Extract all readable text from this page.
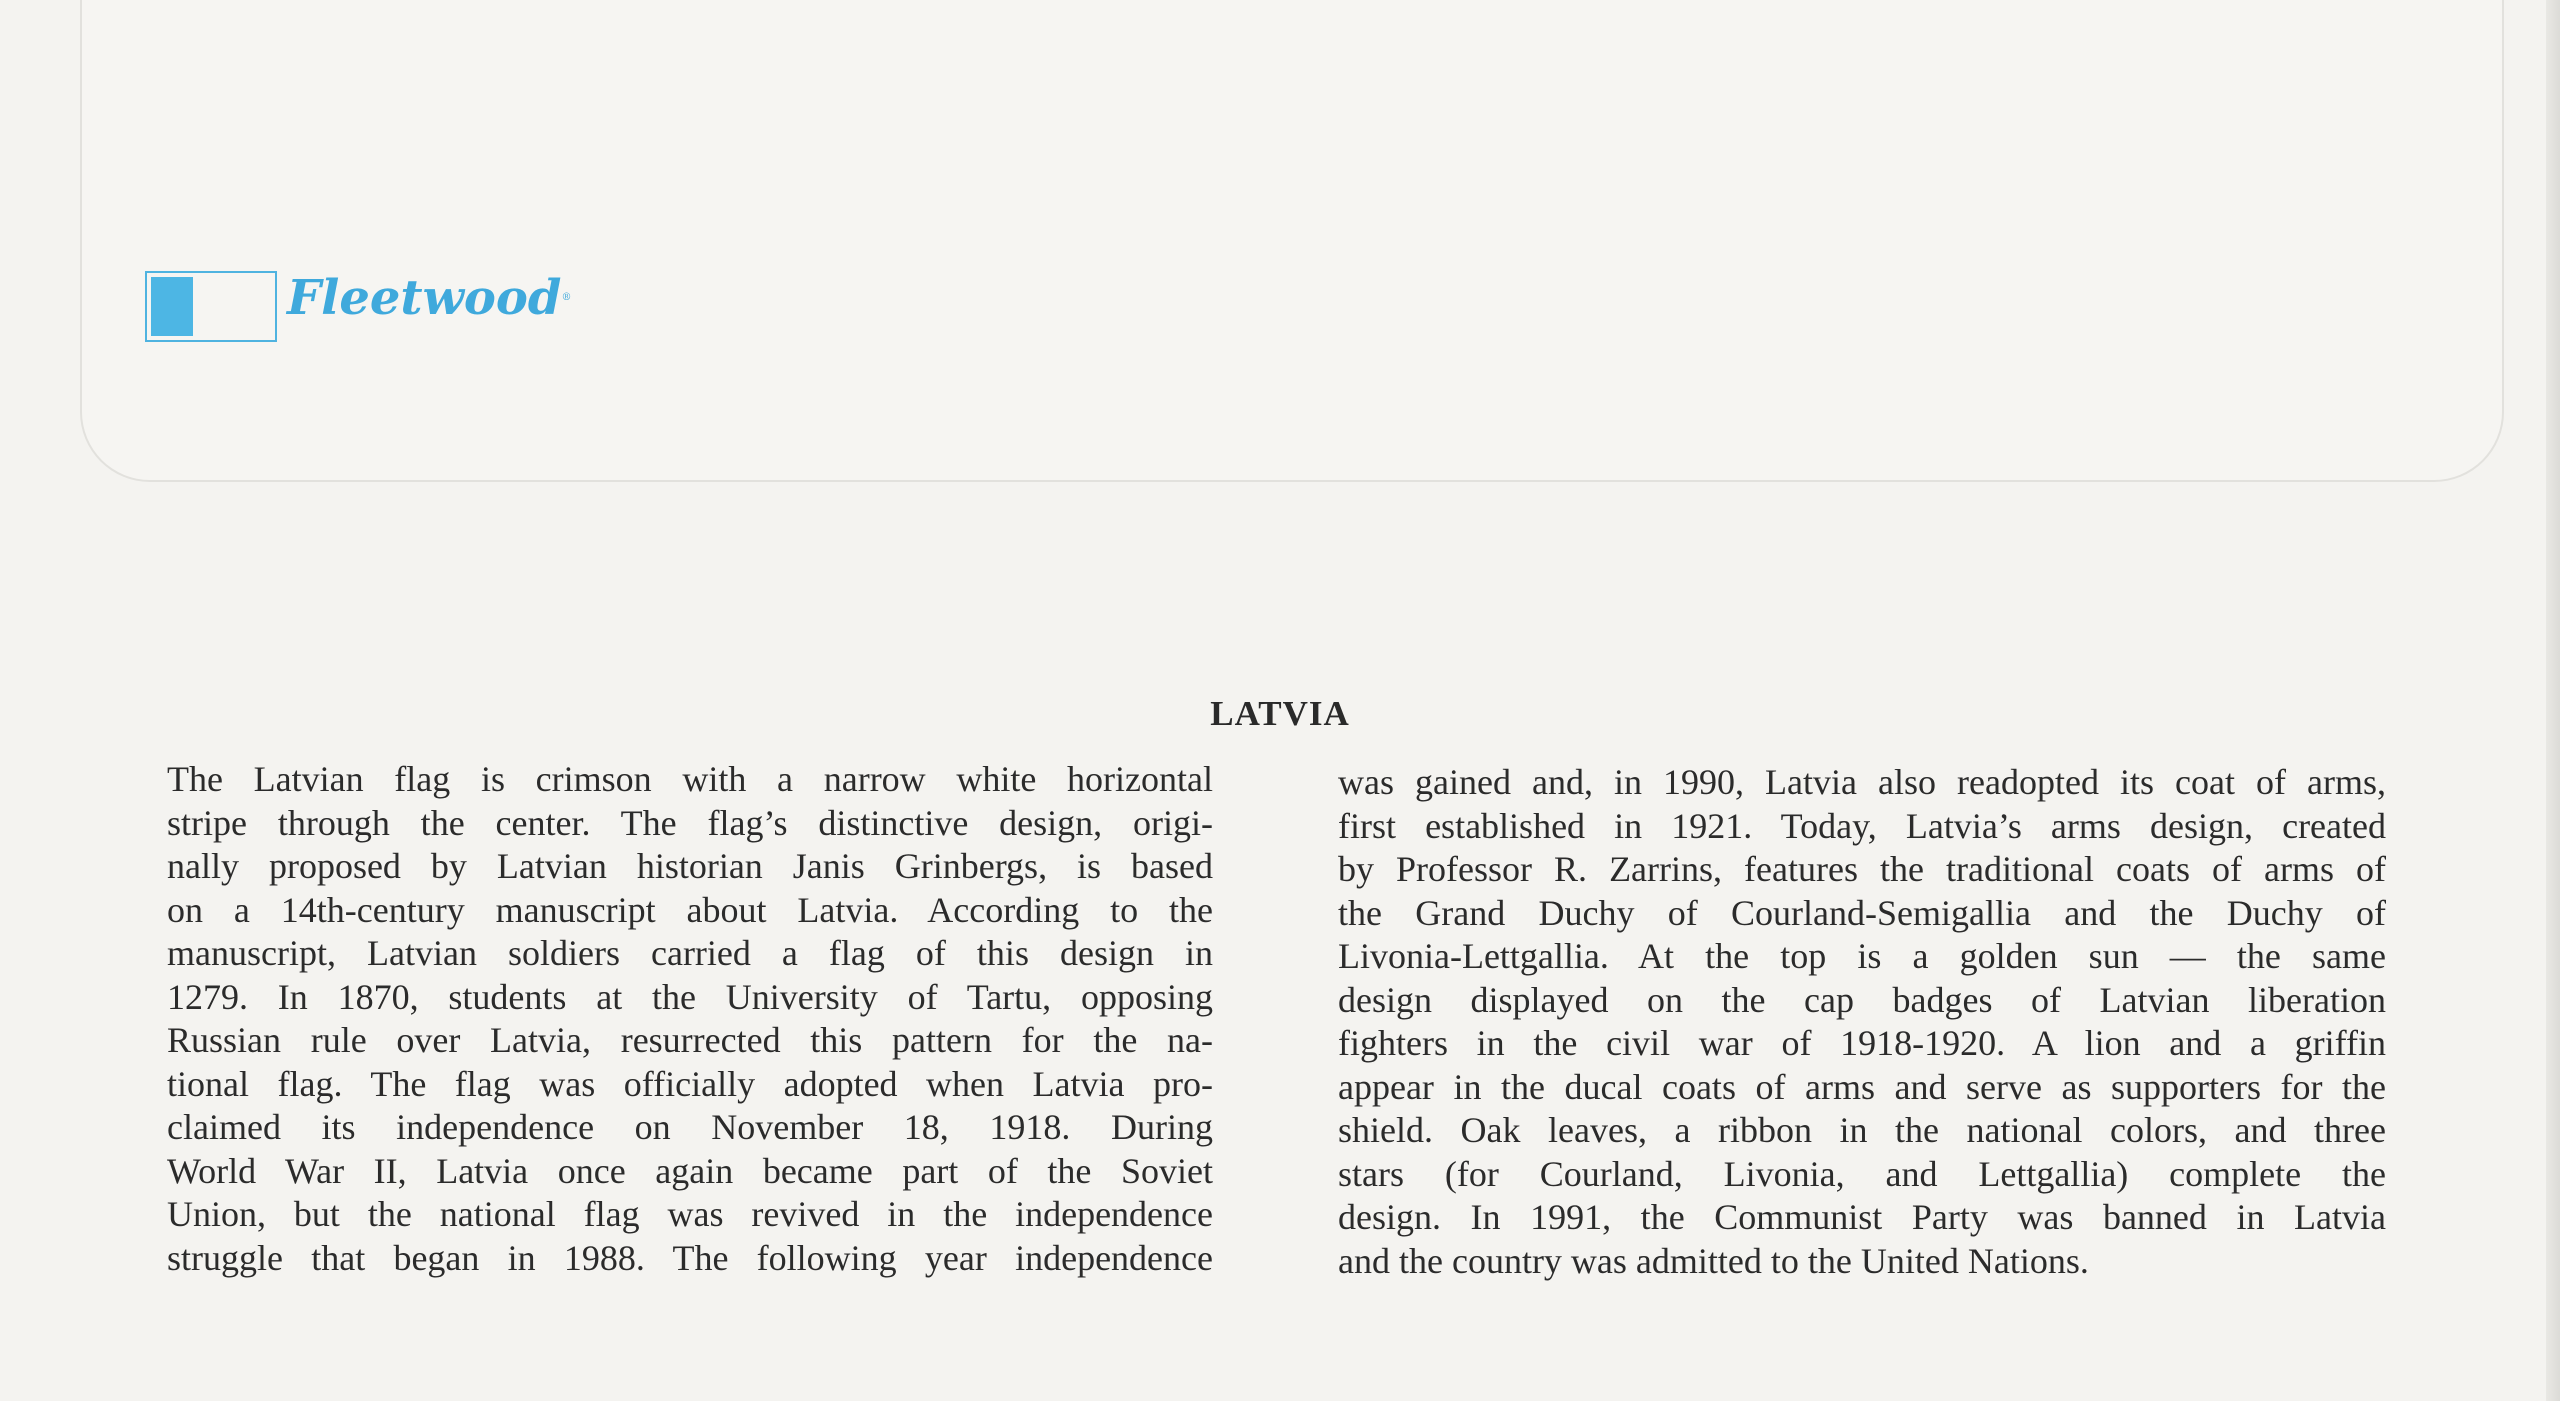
Fleetwood®
LATVIA
The Latvian flag is crimson with a narrow white horizontal
stripe through the center. The flag’s distinctive design, origi-
nally proposed by Latvian historian Janis Grinbergs, is based
on a 14th-century manuscript about Latvia. According to the
manuscript, Latvian soldiers carried a flag of this design in
1279. In 1870, students at the University of Tartu, opposing
Russian rule over Latvia, resurrected this pattern for the na-
tional flag. The flag was officially adopted when Latvia pro-
claimed its independence on November 18, 1918. During
World War II, Latvia once again became part of the Soviet
Union, but the national flag was revived in the independence
struggle that began in 1988. The following year independence
was gained and, in 1990, Latvia also readopted its coat of arms,
first established in 1921. Today, Latvia’s arms design, created
by Professor R. Zarrins, features the traditional coats of arms of
the Grand Duchy of Courland-Semigallia and the Duchy of
Livonia-Lettgallia. At the top is a golden sun — the same
design displayed on the cap badges of Latvian liberation
fighters in the civil war of 1918-1920. A lion and a griffin
appear in the ducal coats of arms and serve as supporters for the
shield. Oak leaves, a ribbon in the national colors, and three
stars (for Courland, Livonia, and Lettgallia) complete the
design. In 1991, the Communist Party was banned in Latvia
and the country was admitted to the United Nations.
